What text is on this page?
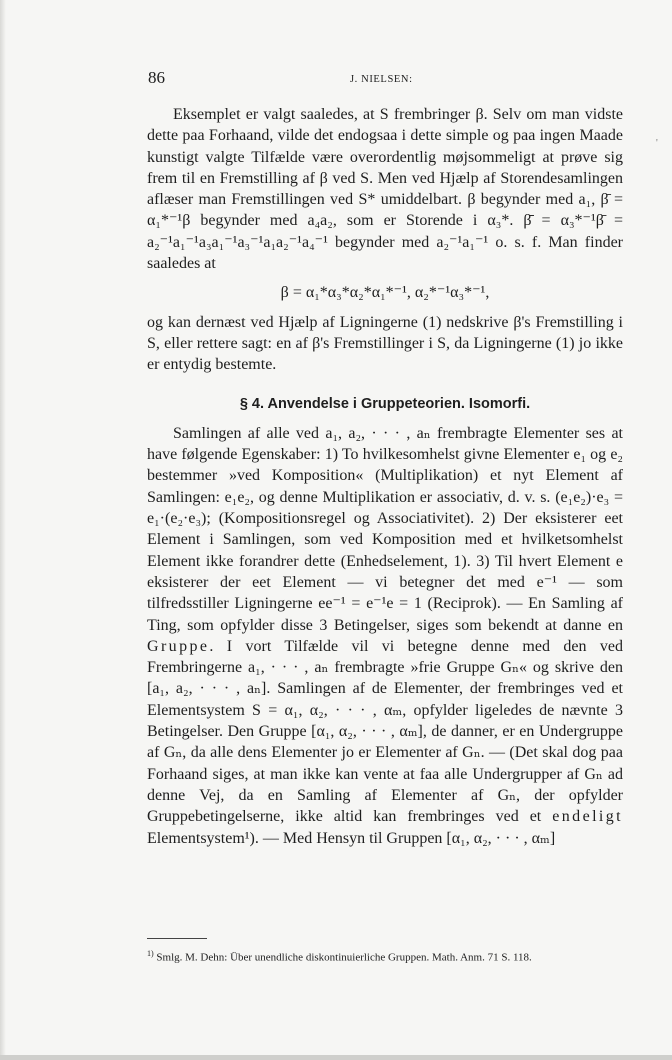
'
86	J. NIELSEN:

Eksemplet er valgt saaledes, at S frembringer β. Selv om man vidste dette paa Forhaand, vilde det endogsaa i dette simple og paa ingen Maade kunstigt valgte Tilfælde være overordentlig møjsommeligt at prøve sig frem til en Fremstilling af β ved S. Men ved Hjælp af Storendesamlingen aflæser man Fremstillingen ved S* umiddelbart. β begynder med a₁, β̄ = α₁*⁻¹β begynder med a₄a₂, som er Storende i α₃*. β̄̄ = α₃*⁻¹β̄ = a₂⁻¹a₁⁻¹a₃a₁⁻¹a₃⁻¹a₁a₂⁻¹a₄⁻¹ begynder med a₂⁻¹a₁⁻¹ o. s. f. Man finder saaledes at

β = α₁*α₃*α₂*α₁*⁻¹, α₂*⁻¹α₃*⁻¹,

og kan dernæst ved Hjælp af Ligningerne (1) nedskrive β's Fremstilling i S, eller rettere sagt: en af β's Fremstillinger i S, da Ligningerne (1) jo ikke er entydig bestemte.

§ 4. Anvendelse i Gruppeteorien. Isomorfi.

Samlingen af alle ved a₁, a₂, · · · , aₙ frembragte Elementer ses at have følgende Egenskaber: 1) To hvilkesomhelst givne Elementer e₁ og e₂ bestemmer »ved Komposition« (Multiplikation) et nyt Element af Samlingen: e₁e₂, og denne Multiplikation er associativ, d. v. s. (e₁e₂)·e₃ = e₁·(e₂·e₃); (Kompositionsregel og Associativitet). 2) Der eksisterer eet Element i Samlingen, som ved Komposition med et hvilketsomhelst Element ikke forandrer dette (Enhedselement, 1). 3) Til hvert Element e eksisterer der eet Element — vi betegner det med e⁻¹ — som tilfredsstiller Ligningerne ee⁻¹ = e⁻¹e = 1 (Reciprok). — En Samling af Ting, som opfylder disse 3 Betingelser, siges som bekendt at danne en Gruppe. I vort Tilfælde vil vi betegne denne med den ved Frembringerne a₁, · · · , aₙ frembragte »frie Gruppe Gₙ« og skrive den [a₁, a₂, · · · , aₙ]. Samlingen af de Elementer, der frembringes ved et Elementsystem S = α₁, α₂, · · · , αₘ, opfylder ligeledes de nævnte 3 Betingelser. Den Gruppe [α₁, α₂, · · · , αₘ], de danner, er en Undergruppe af Gₙ, da alle dens Elementer jo er Elementer af Gₙ. — (Det skal dog paa Forhaand siges, at man ikke kan vente at faa alle Undergrupper af Gₙ ad denne Vej, da en Samling af Elementer af Gₙ, der opfylder Gruppebetingelserne, ikke altid kan frembringes ved et endeligt Elementsystem¹). — Med Hensyn til Gruppen [α₁, α₂, · · · , αₘ]

$^{1)}$ Smlg. M. Dehn: Über unendliche diskontinuierliche Gruppen. Math. Anm. 71 S. 118.
